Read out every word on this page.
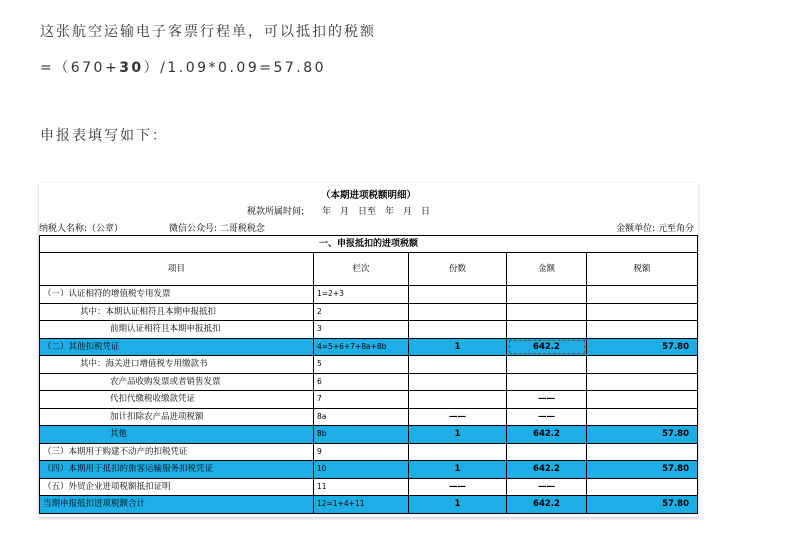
这张航空运输电子客票行程单，可以抵扣的税额
=（670+30）/1.09*0.09=57.80
申报表填写如下：
（本期进项税额明细）
税款所属时间: 年　月　日至　年　月　日
纳税人名称:（公章）	微信公众号: 二哥税税念	金额单位: 元至角分
一、申报抵扣的进项税额				
项目	栏次	份数	金额	税额
（一）认证相符的增值税专用发票	1=2+3			
其中：本期认证相符且本期申报抵扣	2			
前期认证相符且本期申报抵扣	3			
（二）其他扣税凭证	4=5+6+7+8a+8b	1	642.2	57.80
其中：海关进口增值税专用缴款书	5			
农产品收购发票或者销售发票	6			
代扣代缴税收缴款凭证	7		——	
加计扣除农产品进项税额	8a	——	——	
其他	8b	1	642.2	57.80
（三）本期用于购建不动产的扣税凭证	9			
（四）本期用于抵扣的旅客运输服务扣税凭证	10	1	642.2	57.80
（五）外贸企业进项税额抵扣证明	11	——	——	
当期申报抵扣进项税额合计	12=1+4+11	1	642.2	57.80
